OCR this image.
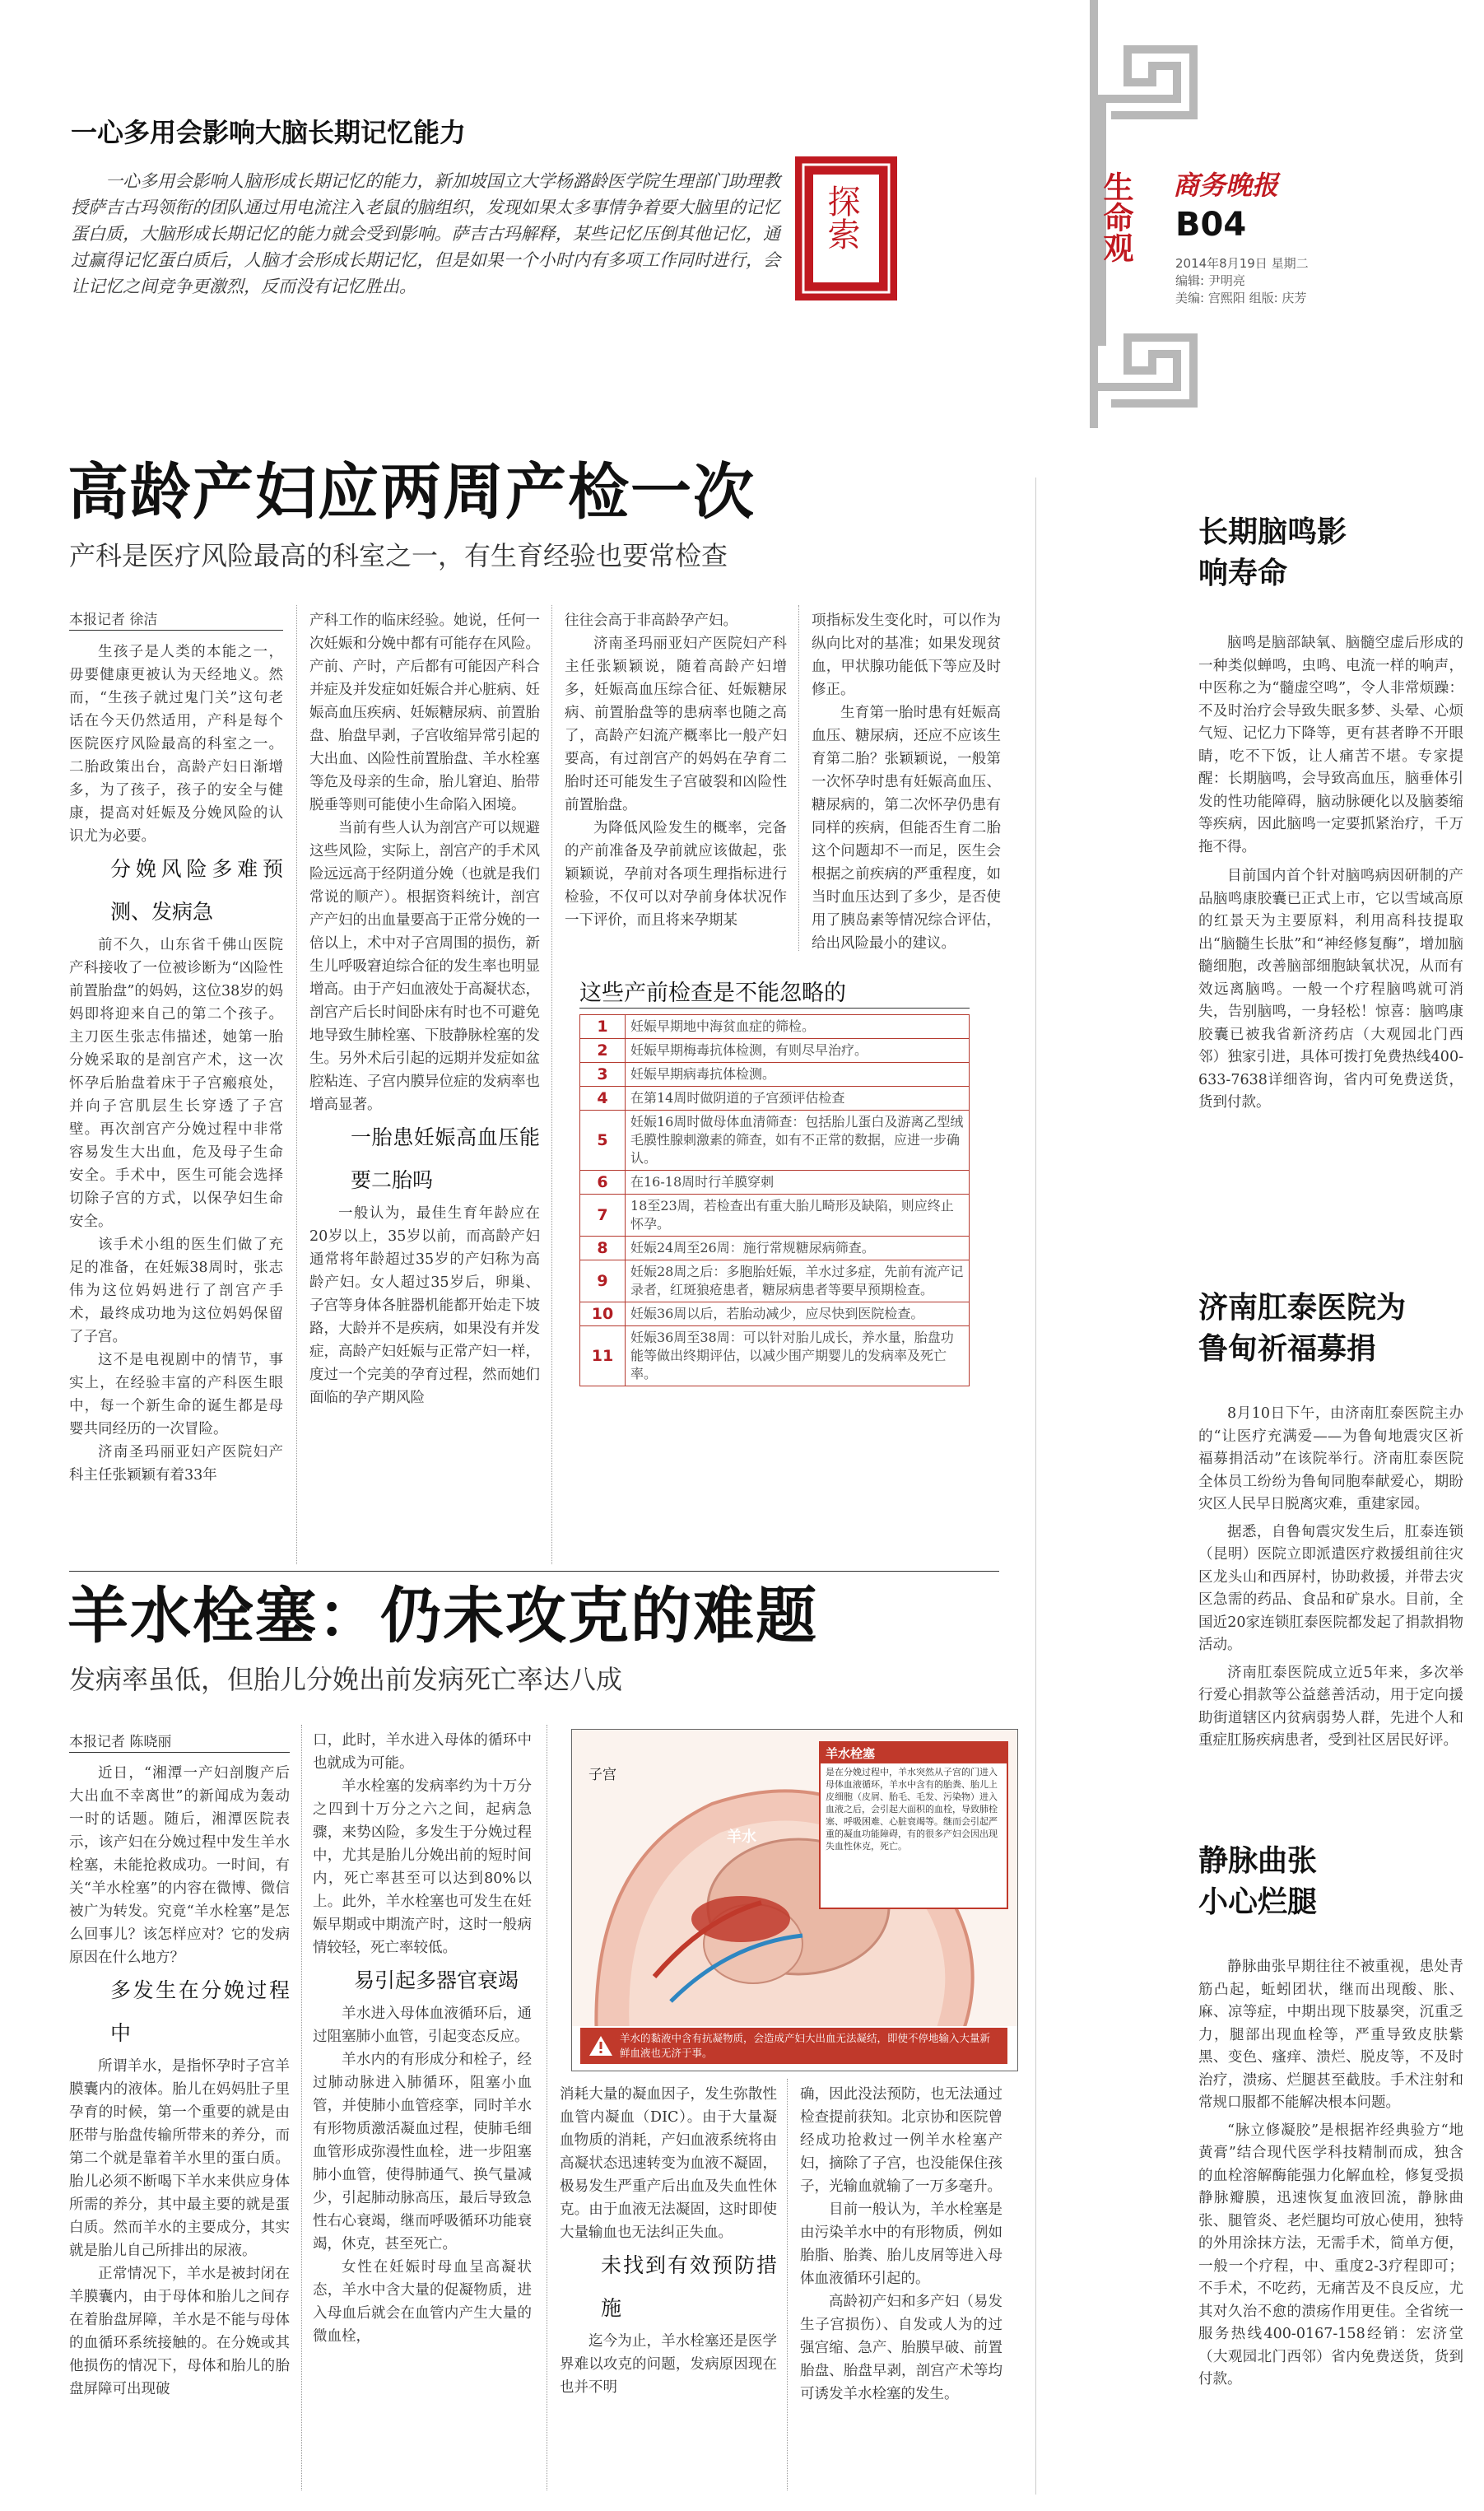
生命观 商务晚报
B04
2014年8月19日 星期二
编辑: 尹明亮
美编: 宫熙阳 组版: 庆芳
探索
一心多用会影响大脑长期记忆能力
一心多用会影响人脑形成长期记忆的能力，新加坡国立大学杨潞龄医学院生理部门助理教授萨吉古玛领衔的团队通过用电流注入老鼠的脑组织，发现如果太多事情争着要大脑里的记忆蛋白质，大脑形成长期记忆的能力就会受到影响。萨吉古玛解释，某些记忆压倒其他记忆，通过赢得记忆蛋白质后，人脑才会形成长期记忆，但是如果一个小时内有多项工作同时进行，会让记忆之间竞争更激烈，反而没有记忆胜出。
高龄产妇应两周产检一次
产科是医疗风险最高的科室之一，有生育经验也要常检查
本报记者 徐洁

生孩子是人类的本能之一，毋要健康更被认为天经地义。然而，“生孩子就过鬼门关”这句老话在今天仍然适用，产科是每个医院医疗风险最高的科室之一。二胎政策出台，高龄产妇日渐增多，为了孩子，孩子的安全与健康，提高对妊娠及分娩风险的认识尤为必要。

分娩风险多难预测、发病急

前不久，山东省千佛山医院产科接收了一位被诊断为“凶险性前置胎盘”的妈妈，这位38岁的妈妈即将迎来自己的第二个孩子。主刀医生张志伟描述，她第一胎分娩采取的是剖宫产术，这一次怀孕后胎盘着床于子宫瘢痕处，并向子宫肌层生长穿透了子宫壁。再次剖宫产分娩过程中非常容易发生大出血，危及母子生命安全。手术中，医生可能会选择切除子宫的方式，以保孕妇生命安全。

该手术小组的医生们做了充足的准备，在妊娠38周时，张志伟为这位妈妈进行了剖宫产手术，最终成功地为这位妈妈保留了子宫。

这不是电视剧中的情节，事实上，在经验丰富的产科医生眼中，每一个新生命的诞生都是母婴共同经历的一次冒险。

济南圣玛丽亚妇产医院妇产科主任张颖颖有着33年

产科工作的临床经验。她说，任何一次妊娠和分娩中都有可能存在风险。产前、产时，产后都有可能因产科合并症及并发症如妊娠合并心脏病、妊娠高血压疾病、妊娠糖尿病、前置胎盘、胎盘早剥，子宫收缩异常引起的大出血、凶险性前置胎盘、羊水栓塞等危及母亲的生命，胎儿窘迫、胎带脱垂等则可能使小生命陷入困境。

当前有些人认为剖宫产可以规避这些风险，实际上，剖宫产的手术风险远远高于经阴道分娩（也就是我们常说的顺产）。根据资料统计，剖宫产产妇的出血量要高于正常分娩的一倍以上，术中对子宫周围的损伤，新生儿呼吸窘迫综合征的发生率也明显增高。由于产妇血液处于高凝状态，剖宫产后长时间卧床有时也不可避免地导致生肺栓塞、下肢静脉栓塞的发生。另外术后引起的远期并发症如盆腔粘连、子宫内膜异位症的发病率也增高显著。

一胎患妊娠高血压能要二胎吗

一般认为，最佳生育年龄应在20岁以上，35岁以前，而高龄产妇通常将年龄超过35岁的产妇称为高龄产妇。女人超过35岁后，卵巢、子宫等身体各脏器机能都开始走下坡路，大龄并不是疾病，如果没有并发症，高龄产妇妊娠与正常产妇一样，度过一个完美的孕育过程，然而她们面临的孕产期风险

往往会高于非高龄孕产妇。

济南圣玛丽亚妇产医院妇产科主任张颖颖说，随着高龄产妇增多，妊娠高血压综合征、妊娠糖尿病、前置胎盘等的患病率也随之高了，高龄产妇流产概率比一般产妇要高，有过剖宫产的妈妈在孕育二胎时还可能发生子宫破裂和凶险性前置胎盘。

为降低风险发生的概率，完备的产前准备及孕前就应该做起，张颖颖说，孕前对各项生理指标进行检验，不仅可以对孕前身体状况作一下评价，而且将来孕期某

项指标发生变化时，可以作为纵向比对的基准；如果发现贫血，甲状腺功能低下等应及时修正。

生育第一胎时患有妊娠高血压、糖尿病，还应不应该生育第二胎？张颖颖说，一般第一次怀孕时患有妊娠高血压、糖尿病的，第二次怀孕仍患有同样的疾病，但能否生育二胎这个问题却不一而足，医生会根据之前疾病的严重程度，如当时血压达到了多少，是否使用了胰岛素等情况综合评估，给出风险最小的建议。

这些产前检查是不能忽略的
1	妊娠早期地中海贫血症的筛检。
2	妊娠早期梅毒抗体检测，有则尽早治疗。
3	妊娠早期病毒抗体检测。
4	在第14周时做阴道的子宫颈评估检查
5	妊娠16周时做母体血清筛查：包括胎儿蛋白及游离乙型绒毛膜性腺刺激素的筛查，如有不正常的数据，应进一步确认。
6	在16-18周时行羊膜穿刺
7	18至23周，若检查出有重大胎儿畸形及缺陷，则应终止怀孕。
8	妊娠24周至26周：施行常规糖尿病筛查。
9	妊娠28周之后：多胞胎妊娠，羊水过多症，先前有流产记录者，红斑狼疮患者，糖尿病患者等要早预期检查。
10	妊娠36周以后，若胎动减少，应尽快到医院检查。
11	妊娠36周至38周：可以针对胎儿成长，养水量，胎盘功能等做出终期评估，以减少围产期婴儿的发病率及死亡率。
羊水栓塞：仍未攻克的难题
发病率虽低，但胎儿分娩出前发病死亡率达八成
本报记者 陈晓丽

近日，“湘潭一产妇剖腹产后大出血不幸离世”的新闻成为轰动一时的话题。随后，湘潭医院表示，该产妇在分娩过程中发生羊水栓塞，未能抢救成功。一时间，有关“羊水栓塞”的内容在微博、微信被广为转发。究竟“羊水栓塞”是怎么回事儿？该怎样应对？它的发病原因在什么地方？

多发生在分娩过程中

所谓羊水，是指怀孕时子宫羊膜囊内的液体。胎儿在妈妈肚子里孕育的时候，第一个重要的就是由胚带与胎盘传输所带来的养分，而第二个就是靠着羊水里的蛋白质。胎儿必须不断喝下羊水来供应身体所需的养分，其中最主要的就是蛋白质。然而羊水的主要成分，其实就是胎儿自己所排出的尿液。

正常情况下，羊水是被封闭在羊膜囊内，由于母体和胎儿之间存在着胎盘屏障，羊水是不能与母体的血循环系统接触的。在分娩或其他损伤的情况下，母体和胎儿的胎盘屏障可出现破

口，此时，羊水进入母体的循环中也就成为可能。

羊水栓塞的发病率约为十万分之四到十万分之六之间，起病急骤，来势凶险，多发生于分娩过程中，尤其是胎儿分娩出前的短时间内，死亡率甚至可以达到80%以上。此外，羊水栓塞也可发生在妊娠早期或中期流产时，这时一般病情较轻，死亡率较低。

易引起多器官衰竭

羊水进入母体血液循环后，通过阻塞肺小血管，引起变态反应。

羊水内的有形成分和栓子，经过肺动脉进入肺循环，阻塞小血管，并使肺小血管痉挛，同时羊水有形物质激活凝血过程，使肺毛细血管形成弥漫性血栓，进一步阻塞肺小血管，使得肺通气、换气量减少，引起肺动脉高压，最后导致急性右心衰竭，继而呼吸循环功能衰竭，休克，甚至死亡。

女性在妊娠时母血呈高凝状态，羊水中含大量的促凝物质，进入母血后就会在血管内产生大量的微血栓，

消耗大量的凝血因子，发生弥散性血管内凝血（DIC）。由于大量凝血物质的消耗，产妇血液系统将由高凝状态迅速转变为血液不凝固，极易发生严重产后出血及失血性休克。由于血液无法凝固，这时即使大量输血也无法纠正失血。

未找到有效预防措施

迄今为止，羊水栓塞还是医学界难以攻克的问题，发病原因现在也并不明

确，因此没法预防，也无法通过检查提前获知。北京协和医院曾经成功抢救过一例羊水栓塞产妇，摘除了子宫，也没能保住孩子，光输血就输了一万多毫升。

目前一般认为，羊水栓塞是由污染羊水中的有形物质，例如胎脂、胎粪、胎儿皮屑等进入母体血液循环引起的。

高龄初产妇和多产妇（易发生子宫损伤）、自发或人为的过强宫缩、急产、胎膜早破、前置胎盘、胎盘早剥，剖宫产术等均可诱发羊水栓塞的发生。

子宫
羊水
羊水栓塞
是在分娩过程中，羊水突然从子宫的门进入母体血液循环，羊水中含有的胎粪、胎儿上皮细胞（皮屑、胎毛、毛发、污染物）进入血液之后，会引起大面积的血栓，导致肺栓塞、呼吸困难、心脏衰竭等。继而会引起严重的凝血功能障碍，有的很多产妇会因出现失血性休克，死亡。
羊水的黏液中含有抗凝物质，会造成产妇大出血无法凝结，即使不停地输入大量新鲜血液也无济于事。
长期脑鸣影响寿命

脑鸣是脑部缺氧、脑髓空虚后形成的一种类似蝉鸣，虫鸣、电流一样的响声，中医称之为“髓虚空鸣”，令人非常烦躁：不及时治疗会导致失眠多梦、头晕、心烦气短、记忆力下降等，更有甚者睁不开眼睛，吃不下饭，让人痛苦不堪。专家提醒：长期脑鸣，会导致高血压，脑垂体引发的性功能障碍，脑动脉硬化以及脑萎缩等疾病，因此脑鸣一定要抓紧治疗，千万拖不得。

目前国内首个针对脑鸣病因研制的产品脑鸣康胶囊已正式上市，它以雪域高原的红景天为主要原料，利用高科技提取出“脑髓生长肽”和“神经修复酶”，增加脑髓细胞，改善脑部细胞缺氧状况，从而有效远离脑鸣。一般一个疗程脑鸣就可消失，告别脑鸣，一身轻松！惊喜：脑鸣康胶囊已被我省新济药店（大观园北门西邻）独家引进，具体可拨打免费热线400-633-7638详细咨询，省内可免费送货，货到付款。

济南肛泰医院为鲁甸祈福募捐

8月10日下午，由济南肛泰医院主办的“让医疗充满爱——为鲁甸地震灾区祈福募捐活动”在该院举行。济南肛泰医院全体员工纷纷为鲁甸同胞奉献爱心，期盼灾区人民早日脱离灾难，重建家园。

据悉，自鲁甸震灾发生后，肛泰连锁（昆明）医院立即派遣医疗救援组前往灾区龙头山和西屏村，协助救援，并带去灾区急需的药品、食品和矿泉水。目前，全国近20家连锁肛泰医院都发起了捐款捐物活动。

济南肛泰医院成立近5年来，多次举行爱心捐款等公益慈善活动，用于定向援助街道辖区内贫病弱势人群，先进个人和重症肛肠疾病患者，受到社区居民好评。

静脉曲张小心烂腿

静脉曲张早期往往不被重视，患处青筋凸起，蚯蚓团状，继而出现酸、胀、麻、凉等症，中期出现下肢暴突，沉重乏力，腿部出现血栓等，严重导致皮肤紫黑、变色、瘙痒、溃烂、脱皮等，不及时治疗，溃疡、烂腿甚至截肢。手术注射和常规口服都不能解决根本问题。

“脉立修凝胶”是根据祚经典验方“地黄膏”结合现代医学科技精制而成，独含的血栓溶解酶能强力化解血栓，修复受损静脉瓣膜，迅速恢复血液回流，静脉曲张、腿管炎、老烂腿均可放心使用，独特的外用涂抹方法，无需手术，简单方便，一般一个疗程，中、重度2-3疗程即可；不手术，不吃药，无痛苦及不良反应，尤其对久治不愈的溃疡作用更佳。全省统一服务热线400-0167-158经销：宏济堂（大观园北门西邻）省内免费送货，货到付款。
